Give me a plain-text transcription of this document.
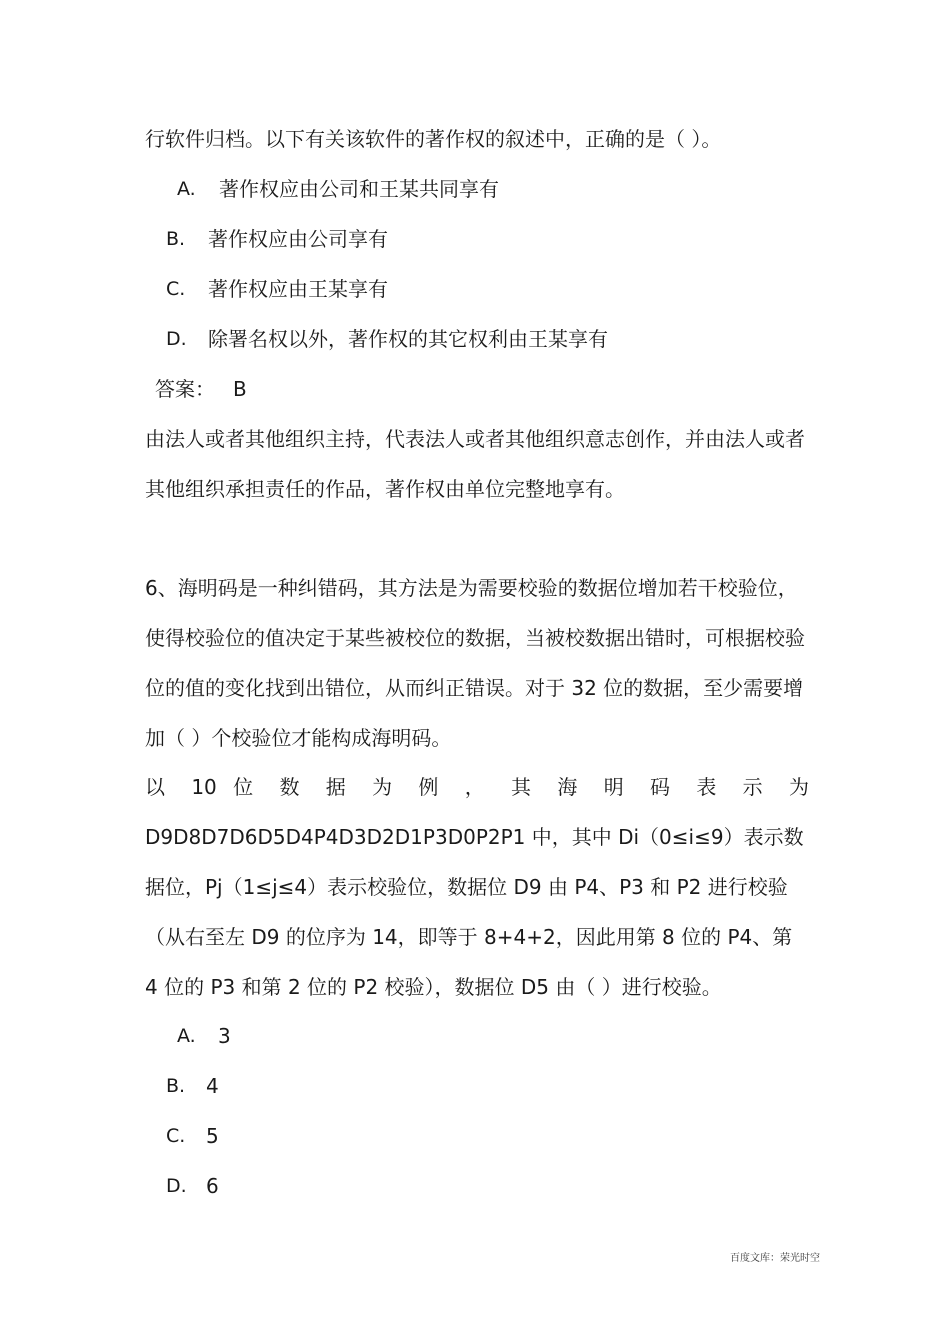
行软件归档。以下有关该软件的著作权的叙述中，正确的是（ ）。
A. 著作权应由公司和王某共同享有
B. 著作权应由公司享有
C. 著作权应由王某享有
D. 除署名权以外，著作权的其它权利由王某享有
答案： B
由法人或者其他组织主持，代表法人或者其他组织意志创作，并由法人或者其他组织承担责任的作品，著作权由单位完整地享有。
6、海明码是一种纠错码，其方法是为需要校验的数据位增加若干校验位，使得校验位的值决定于某些被校位的数据，当被校数据出错时，可根据校验位的值的变化找到出错位，从而纠正错误。对于 32 位的数据，至少需要增加（ ）个校验位才能构成海明码。
以 10 位 数 据 为 例 ， 其 海 明 码 表 示 为
D9D8D7D6D5D4P4D3D2D1P3D0P2P1 中，其中 Di（0≤i≤9）表示数据位，Pj（1≤j≤4）表示校验位，数据位 D9 由 P4、P3 和 P2 进行校验（从右至左 D9 的位序为 14，即等于 8+4+2，因此用第 8 位的 P4、第 4 位的 P3 和第 2 位的 P2 校验），数据位 D5 由（ ）进行校验。
A. 3
B. 4
C. 5
D. 6
百度文库：荣光时空
